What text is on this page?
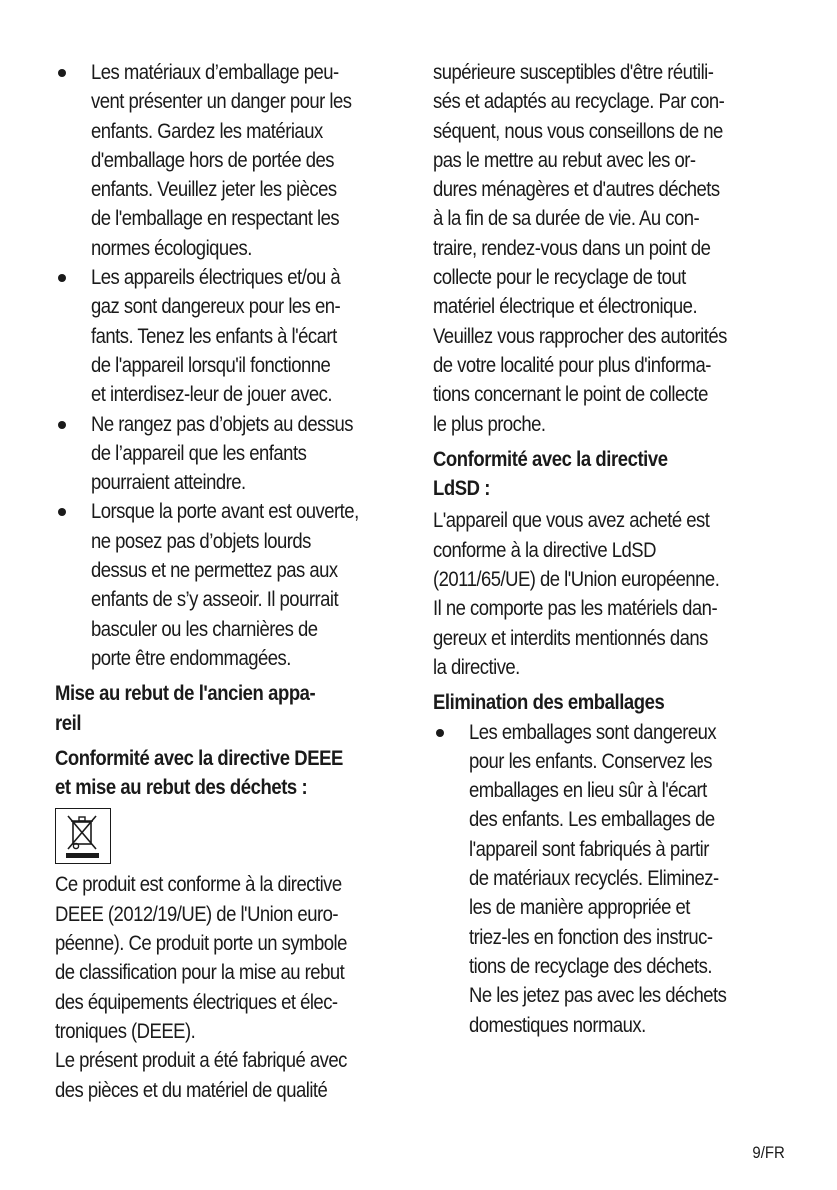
Les matériaux d’emballage peu-
vent présenter un danger pour les
enfants. Gardez les matériaux
d'emballage hors de portée des
enfants. Veuillez jeter les pièces
de l'emballage en respectant les
normes écologiques.
Les appareils électriques et/ou à
gaz sont dangereux pour les en-
fants. Tenez les enfants à l'écart
de l'appareil lorsqu'il fonctionne
et interdisez-leur de jouer avec.
Ne rangez pas d’objets au dessus
de l’appareil que les enfants
pourraient atteindre.
Lorsque la porte avant est ouverte,
ne posez pas d’objets lourds
dessus et ne permettez pas aux
enfants de s’y asseoir. Il pourrait
basculer ou les charnières de
porte être endommagées.
Mise au rebut de l'ancien appa-
reil
Conformité avec la directive DEEE
et mise au rebut des déchets :
Ce produit est conforme à la directive
DEEE (2012/19/UE) de l'Union euro-
péenne). Ce produit porte un symbole
de classification pour la mise au rebut
des équipements électriques et élec-
troniques (DEEE).
Le présent produit a été fabriqué avec
des pièces et du matériel de qualité
supérieure susceptibles d'être réutili-
sés et adaptés au recyclage. Par con-
séquent, nous vous conseillons de ne
pas le mettre au rebut avec les or-
dures ménagères et d'autres déchets
à la fin de sa durée de vie. Au con-
traire, rendez-vous dans un point de
collecte pour le recyclage de tout
matériel électrique et électronique.
Veuillez vous rapprocher des autorités
de votre localité pour plus d'informa-
tions concernant le point de collecte
le plus proche.
Conformité avec la directive
LdSD :
L'appareil que vous avez acheté est
conforme à la directive LdSD
(2011/65/UE) de l'Union européenne.
Il ne comporte pas les matériels dan-
gereux et interdits mentionnés dans
la directive.
Elimination des emballages
Les emballages sont dangereux
pour les enfants. Conservez les
emballages en lieu sûr à l'écart
des enfants. Les emballages de
l'appareil sont fabriqués à partir
de matériaux recyclés. Eliminez-
les de manière appropriée et
triez-les en fonction des instruc-
tions de recyclage des déchets.
Ne les jetez pas avec les déchets
domestiques normaux.
9/FR
